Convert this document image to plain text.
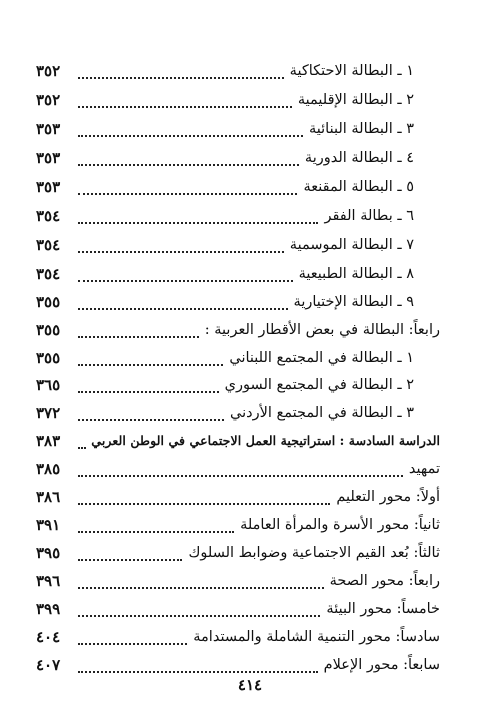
٣٥٢	١ ـ البطالة الاحتكاكية
٣٥٢	٢ ـ البطالة الإقليمية
٣٥٣	٣ ـ البطالة البنائية
٣٥٣	٤ ـ البطالة الدورية
٣٥٣	٥ ـ البطالة المقنعة
٣٥٤	٦ ـ بطالة الفقر
٣٥٤	٧ ـ البطالة الموسمية
٣٥٤	٨ ـ البطالة الطبيعية
٣٥٥	٩ ـ البطالة الإختيارية
٣٥٥	رابعاً: البطالة في بعض الأقطار العربية :
٣٥٥	١ ـ البطالة في المجتمع اللبناني
٣٦٥	٢ ـ البطالة في المجتمع السوري
٣٧٢	٣ ـ البطالة في المجتمع الأردني
٣٨٣ الدراسة السادسة : استراتيجية العمل الاجتماعي في الوطن العربي
٣٨٥	تمهيد
٣٨٦	أولاً: محور التعليم
٣٩١	ثانياً: محور الأسرة والمرأة العاملة
٣٩٥	ثالثاً: بُعد القيم الاجتماعية وضوابط السلوك
٣٩٦	رابعاً: محور الصحة
٣٩٩	خامساً: محور البيئة
٤٠٤	سادساً: محور التنمية الشاملة والمستدامة
٤٠٧	سابعاً: محور الإعلام
٤١٤
